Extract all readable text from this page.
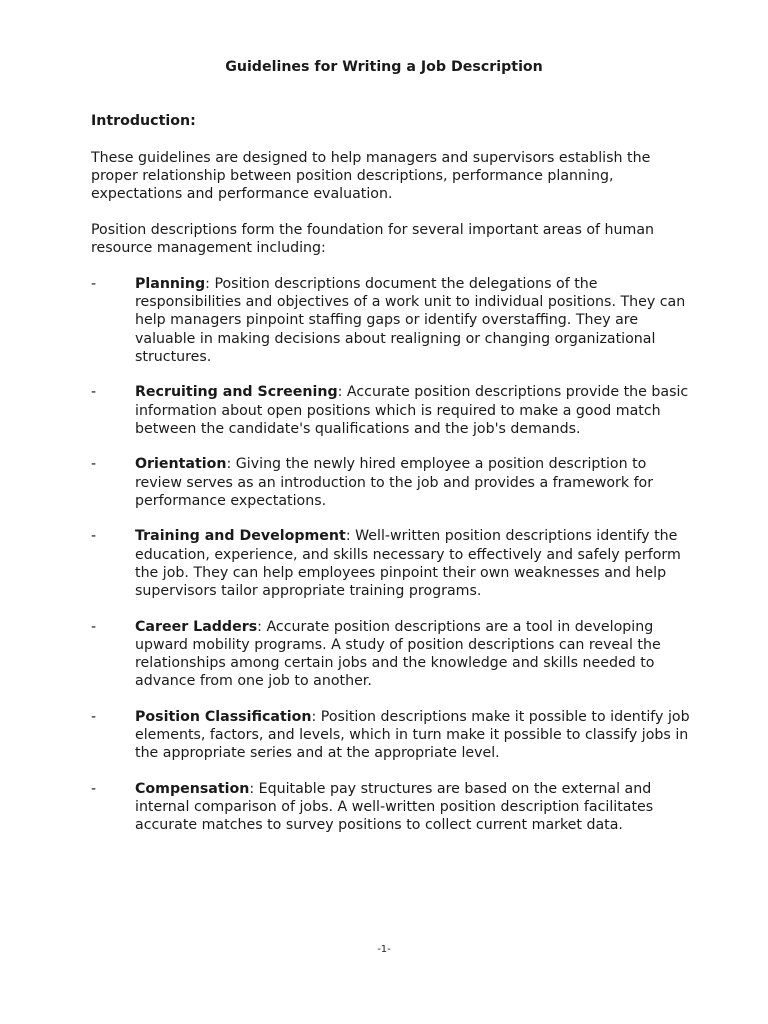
Guidelines for Writing a Job Description
Introduction:

These guidelines are designed to help managers and supervisors establish the proper relationship between position descriptions, performance planning, expectations and performance evaluation.

Position descriptions form the foundation for several important areas of human resource management including:

-	Planning: Position descriptions document the delegations of the responsibilities and objectives of a work unit to individual positions. They can help managers pinpoint staffing gaps or identify overstaffing. They are valuable in making decisions about realigning or changing organizational structures.
-	Recruiting and Screening: Accurate position descriptions provide the basic information about open positions which is required to make a good match between the candidate's qualifications and the job's demands.
-	Orientation: Giving the newly hired employee a position description to review serves as an introduction to the job and provides a framework for performance expectations.
-	Training and Development: Well-written position descriptions identify the education, experience, and skills necessary to effectively and safely perform the job. They can help employees pinpoint their own weaknesses and help supervisors tailor appropriate training programs.
-	Career Ladders: Accurate position descriptions are a tool in developing upward mobility programs. A study of position descriptions can reveal the relationships among certain jobs and the knowledge and skills needed to advance from one job to another.
-	Position Classification: Position descriptions make it possible to identify job elements, factors, and levels, which in turn make it possible to classify jobs in the appropriate series and at the appropriate level.
-	Compensation: Equitable pay structures are based on the external and internal comparison of jobs. A well-written position description facilitates accurate matches to survey positions to collect current market data.
-1-
